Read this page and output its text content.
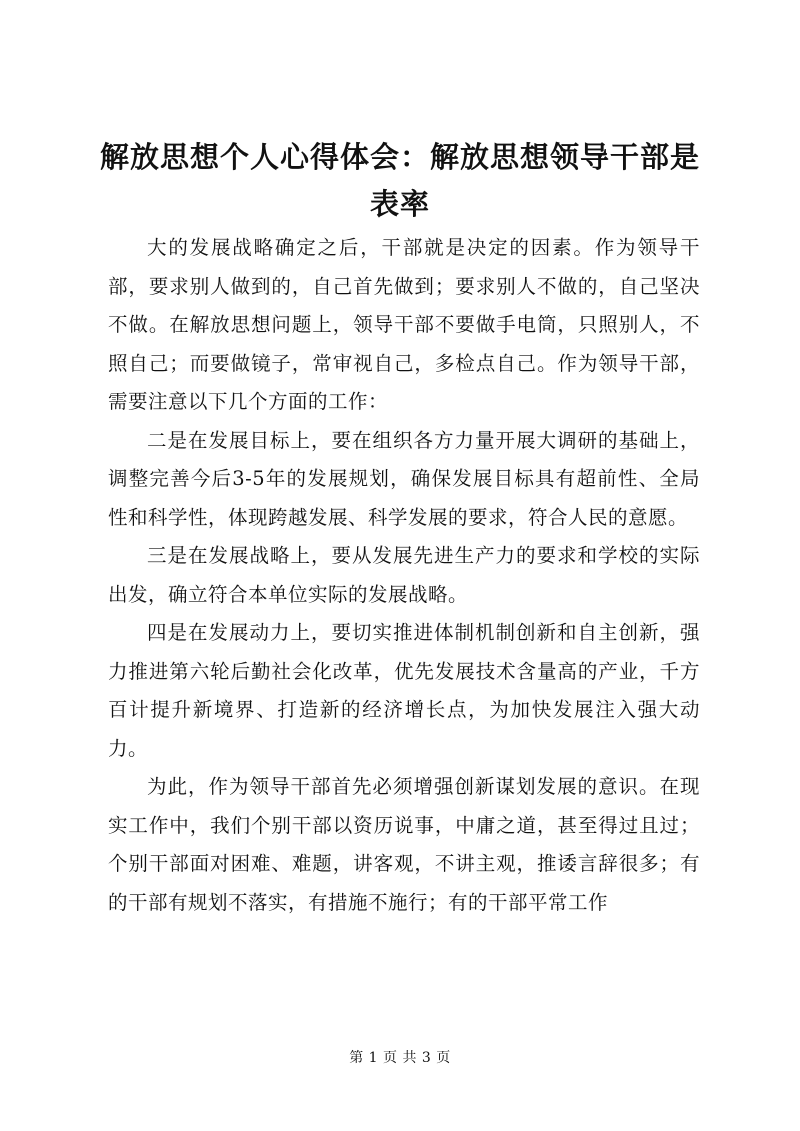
解放思想个人心得体会：解放思想领导干部是表率

大的发展战略确定之后，干部就是决定的因素。作为领导干部，要求别人做到的，自己首先做到；要求别人不做的，自己坚决不做。在解放思想问题上，领导干部不要做手电筒，只照别人，不照自己；而要做镜子，常审视自己，多检点自己。作为领导干部，需要注意以下几个方面的工作：

二是在发展目标上，要在组织各方力量开展大调研的基础上，调整完善今后3-5年的发展规划，确保发展目标具有超前性、全局性和科学性，体现跨越发展、科学发展的要求，符合人民的意愿。

三是在发展战略上，要从发展先进生产力的要求和学校的实际出发，确立符合本单位实际的发展战略。

四是在发展动力上，要切实推进体制机制创新和自主创新，强力推进第六轮后勤社会化改革，优先发展技术含量高的产业，千方百计提升新境界、打造新的经济增长点，为加快发展注入强大动力。

为此，作为领导干部首先必须增强创新谋划发展的意识。在现实工作中，我们个别干部以资历说事，中庸之道，甚至得过且过；个别干部面对困难、难题，讲客观，不讲主观，推诿言辞很多；有的干部有规划不落实，有措施不施行；有的干部平常工作

第 1 页 共 3 页
